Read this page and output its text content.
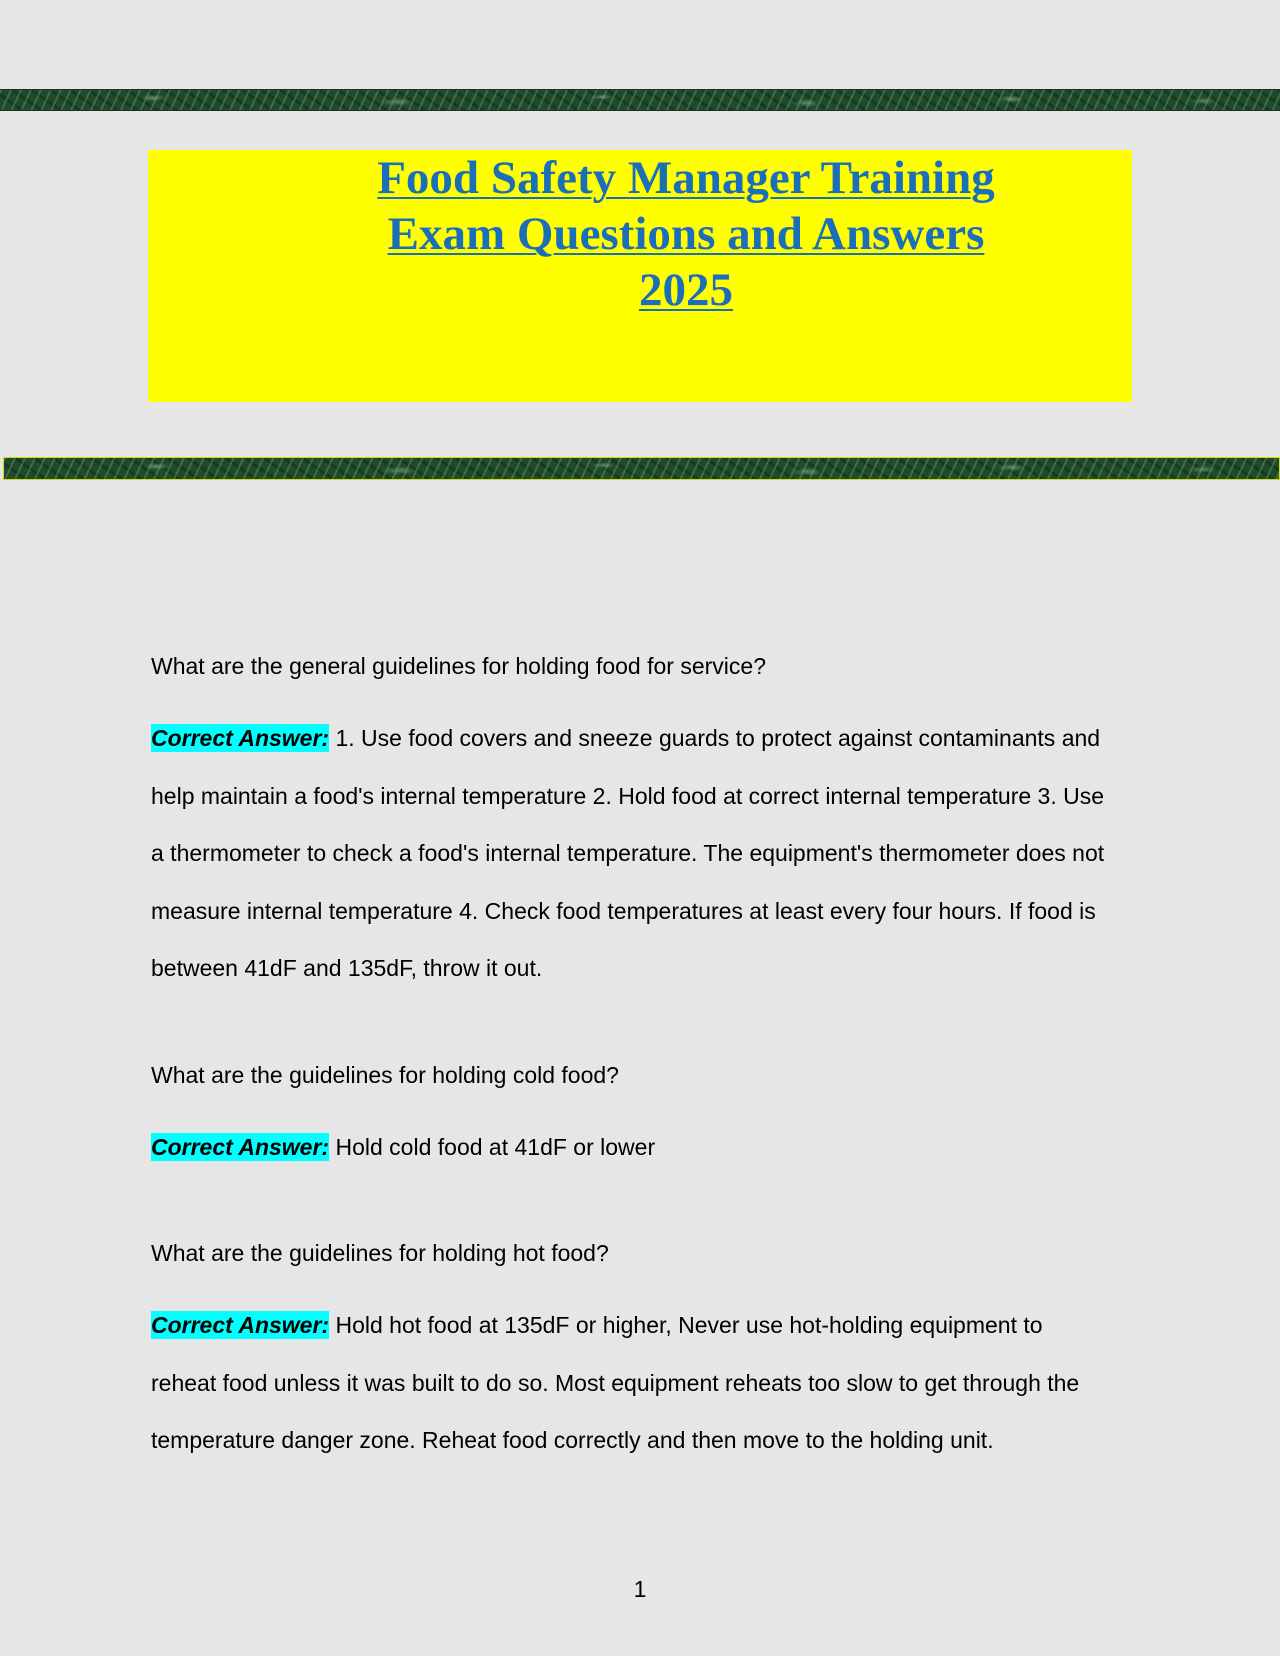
Food Safety Manager Training
Exam Questions and Answers
2025

What are the general guidelines for holding food for service?

Correct Answer: 1. Use food covers and sneeze guards to protect against contaminants and help maintain a food's internal temperature 2. Hold food at correct internal temperature 3. Use a thermometer to check a food's internal temperature. The equipment's thermometer does not measure internal temperature 4. Check food temperatures at least every four hours. If food is between 41dF and 135dF, throw it out.

What are the guidelines for holding cold food?

Correct Answer: Hold cold food at 41dF or lower

What are the guidelines for holding hot food?

Correct Answer: Hold hot food at 135dF or higher, Never use hot-holding equipment to reheat food unless it was built to do so. Most equipment reheats too slow to get through the temperature danger zone. Reheat food correctly and then move to the holding unit.

1
